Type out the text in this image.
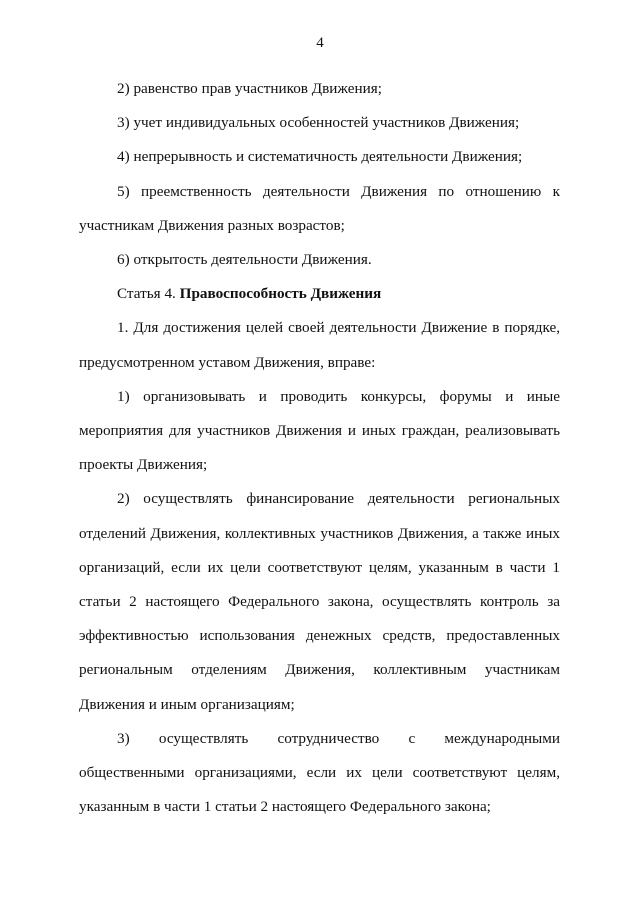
4

2) равенство прав участников Движения;

3) учет индивидуальных особенностей участников Движения;

4) непрерывность и систематичность деятельности Движения;

5) преемственность деятельности Движения по отношению к участникам Движения разных возрастов;

6) открытость деятельности Движения.

Статья 4. Правоспособность Движения

1. Для достижения целей своей деятельности Движение в порядке, предусмотренном уставом Движения, вправе:

1) организовывать и проводить конкурсы, форумы и иные мероприятия для участников Движения и иных граждан, реализовывать проекты Движения;

2) осуществлять финансирование деятельности региональных отделений Движения, коллективных участников Движения, а также иных организаций, если их цели соответствуют целям, указанным в части 1 статьи 2 настоящего Федерального закона, осуществлять контроль за эффективностью использования денежных средств, предоставленных региональным отделениям Движения, коллективным участникам Движения и иным организациям;

3) осуществлять сотрудничество с международными общественными организациями, если их цели соответствуют целям, указанным в части 1 статьи 2 настоящего Федерального закона;
